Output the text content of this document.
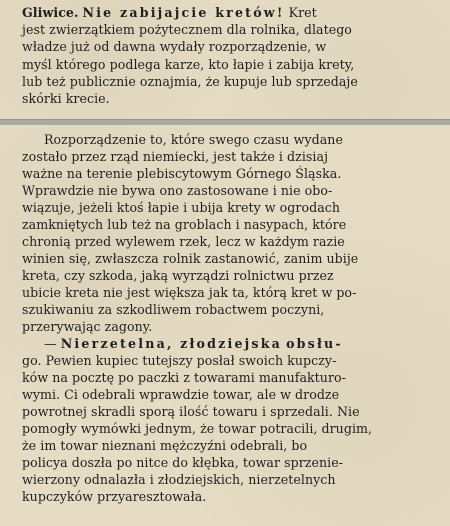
Gliwice. Nie zabijajcie kretów! Kret
jest zwierzątkiem pożytecznem dla rolnika, dlatego
władze już od dawna wydały rozporządzenie, w
myśl którego podlega karze, kto łapie i zabija krety,
lub też publicznie oznajmia, że kupuje lub sprzedaje
skórki krecie.
Rozporządzenie to, które swego czasu wydane
zostało przez rząd niemiecki, jest także i dzisiaj
ważne na terenie plebiscytowym Górnego Śląska.
Wprawdzie nie bywa ono zastosowane i nie obo-
wiązuje, jeżeli ktoś łapie i ubija krety w ogrodach
zamkniętych lub też na groblach i nasypach, które
chronią przed wylewem rzek, lecz w każdym razie
winien się, zwłaszcza rolnik zastanowić, zanim ubije
kreta, czy szkoda, jaką wyrządzi rolnictwu przez
ubicie kreta nie jest większa jak ta, którą kret w po-
szukiwaniu za szkodliwem robactwem poczyni,
przerywając zagony.
— Nierzetelna, złodziejska obsłu-
go. Pewien kupiec tutejszy posłał swoich kupczy-
ków na pocztę po paczki z towarami manufakturo-
wymi. Ci odebrali wprawdzie towar, ale w drodze
powrotnej skradli sporą ilość towaru i sprzedali. Nie
pomogły wymówki jednym, że towar potracili, drugim,
że im towar nieznani mężczyźni odebrali, bo
policya doszła po nitce do kłębka, towar sprzenie-
wierzony odnalazła i złodziejskich, nierzetelnych
kupczyków przyaresztowała.
